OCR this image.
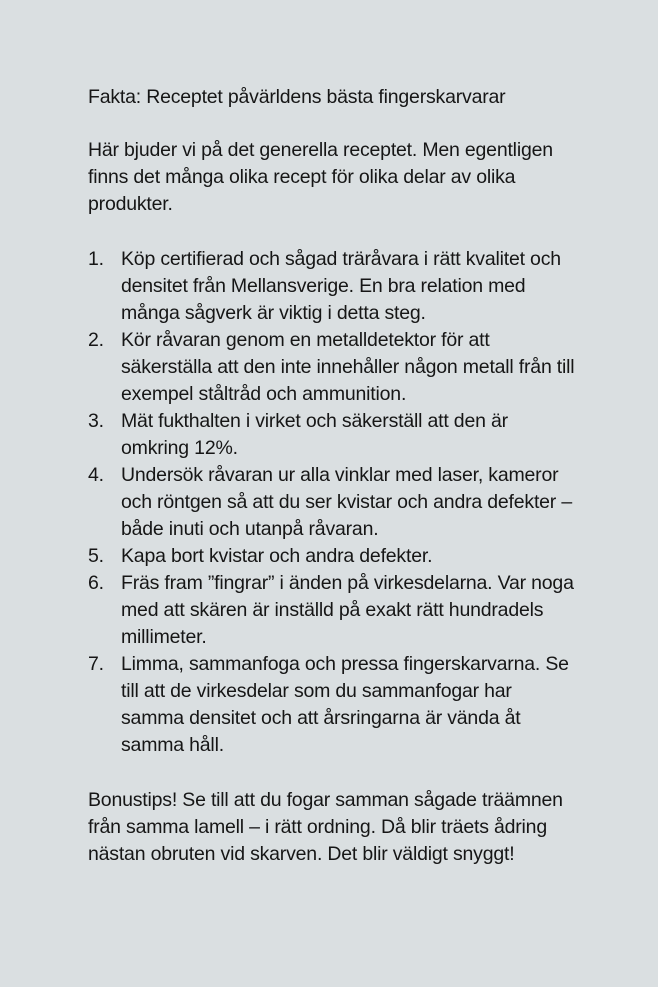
Fakta: Receptet påvärldens bästa fingerskarvarar

Här bjuder vi på det generella receptet. Men egentligen finns det många olika recept för olika delar av olika produkter.

1. Köp certifierad och sågad träråvara i rätt kvalitet och densitet från Mellansverige. En bra relation med många sågverk är viktig i detta steg.
2. Kör råvaran genom en metalldetektor för att säkerställa att den inte innehåller någon metall från till exempel ståltråd och ammunition.
3. Mät fukthalten i virket och säkerställ att den är omkring 12%.
4. Undersök råvaran ur alla vinklar med laser, kameror och röntgen så att du ser kvistar och andra defekter – både inuti och utanpå råvaran.
5. Kapa bort kvistar och andra defekter.
6. Fräs fram ”fingrar” i änden på virkesdelarna. Var noga med att skären är inställd på exakt rätt hundradels millimeter.
7. Limma, sammanfoga och pressa fingerskarvarna. Se till att de virkesdelar som du sammanfogar har samma densitet och att årsringarna är vända åt samma håll.

Bonustips! Se till att du fogar samman sågade träämnen från samma lamell – i rätt ordning. Då blir träets ådring nästan obruten vid skarven. Det blir väldigt snyggt!
